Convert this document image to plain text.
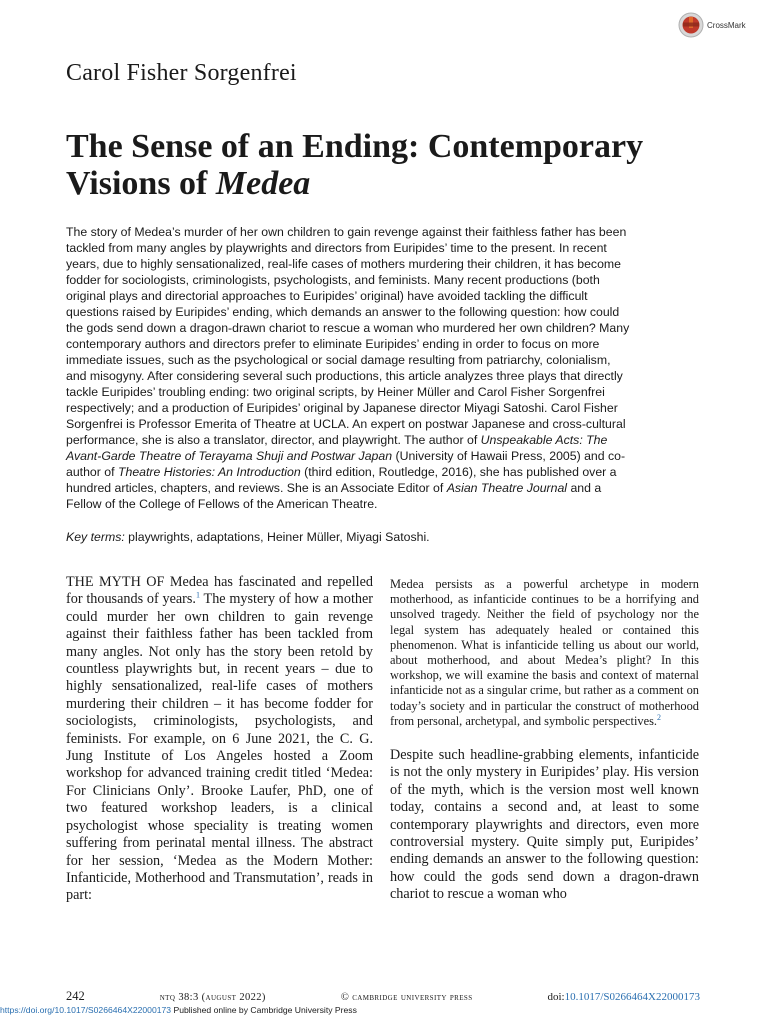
CrossMark
Carol Fisher Sorgenfrei
The Sense of an Ending: Contemporary Visions of Medea

The story of Medea’s murder of her own children to gain revenge against their faithless father has been tackled from many angles by playwrights and directors from Euripides’ time to the present. In recent years, due to highly sensationalized, real-life cases of mothers murdering their children, it has become fodder for sociologists, criminologists, psychologists, and feminists. Many recent productions (both original plays and directorial approaches to Euripides’ original) have avoided tackling the difficult questions raised by Euripides’ ending, which demands an answer to the following question: how could the gods send down a dragon-drawn chariot to rescue a woman who murdered her own children? Many contemporary authors and directors prefer to eliminate Euripides’ ending in order to focus on more immediate issues, such as the psychological or social damage resulting from patriarchy, colonialism, and misogyny. After considering several such productions, this article analyzes three plays that directly tackle Euripides’ troubling ending: two original scripts, by Heiner Müller and Carol Fisher Sorgenfrei respectively; and a production of Euripides’ original by Japanese director Miyagi Satoshi. Carol Fisher Sorgenfrei is Professor Emerita of Theatre at UCLA. An expert on postwar Japanese and cross-cultural performance, she is also a translator, director, and playwright. The author of Unspeakable Acts: The Avant-Garde Theatre of Terayama Shuji and Postwar Japan (University of Hawaii Press, 2005) and co-author of Theatre Histories: An Introduction (third edition, Routledge, 2016), she has published over a hundred articles, chapters, and reviews. She is an Associate Editor of Asian Theatre Journal and a Fellow of the College of Fellows of the American Theatre.

Key terms: playwrights, adaptations, Heiner Müller, Miyagi Satoshi.

THE MYTH OF Medea has fascinated and repelled for thousands of years.$^1$ The mystery of how a mother could murder her own children to gain revenge against their faithless father has been tackled from many angles. Not only has the story been retold by countless playwrights but, in recent years – due to highly sensationalized, real-life cases of mothers murdering their children – it has become fodder for sociologists, criminologists, psychologists, and feminists. For example, on 6 June 2021, the C. G. Jung Institute of Los Angeles hosted a Zoom workshop for advanced training credit titled ‘Medea: For Clinicians Only’. Brooke Laufer, PhD, one of two featured workshop leaders, is a clinical psychologist whose speciality is treating women suffering from perinatal mental illness. The abstract for her session, ‘Medea as the Modern Mother: Infanticide, Motherhood and Transmutation’, reads in part:

Medea persists as a powerful archetype in modern motherhood, as infanticide continues to be a horrifying and unsolved tragedy. Neither the field of psychology nor the legal system has adequately healed or contained this phenomenon. What is infanticide telling us about our world, about motherhood, and about Medea’s plight? In this workshop, we will examine the basis and context of maternal infanticide not as a singular crime, but rather as a comment on today’s society and in particular the construct of motherhood from personal, archetypal, and symbolic perspectives.$^2$

Despite such headline-grabbing elements, infanticide is not the only mystery in Euripides’ play. His version of the myth, which is the version most well known today, contains a second and, at least to some contemporary playwrights and directors, even more controversial mystery. Quite simply put, Euripides’ ending demands an answer to the following question: how could the gods send down a dragon-drawn chariot to rescue a woman who

242	ntq 38:3 (august 2022)	© cambridge university press	doi:10.1017/S0266464X22000173
https://doi.org/10.1017/S0266464X22000173 Published online by Cambridge University Press
